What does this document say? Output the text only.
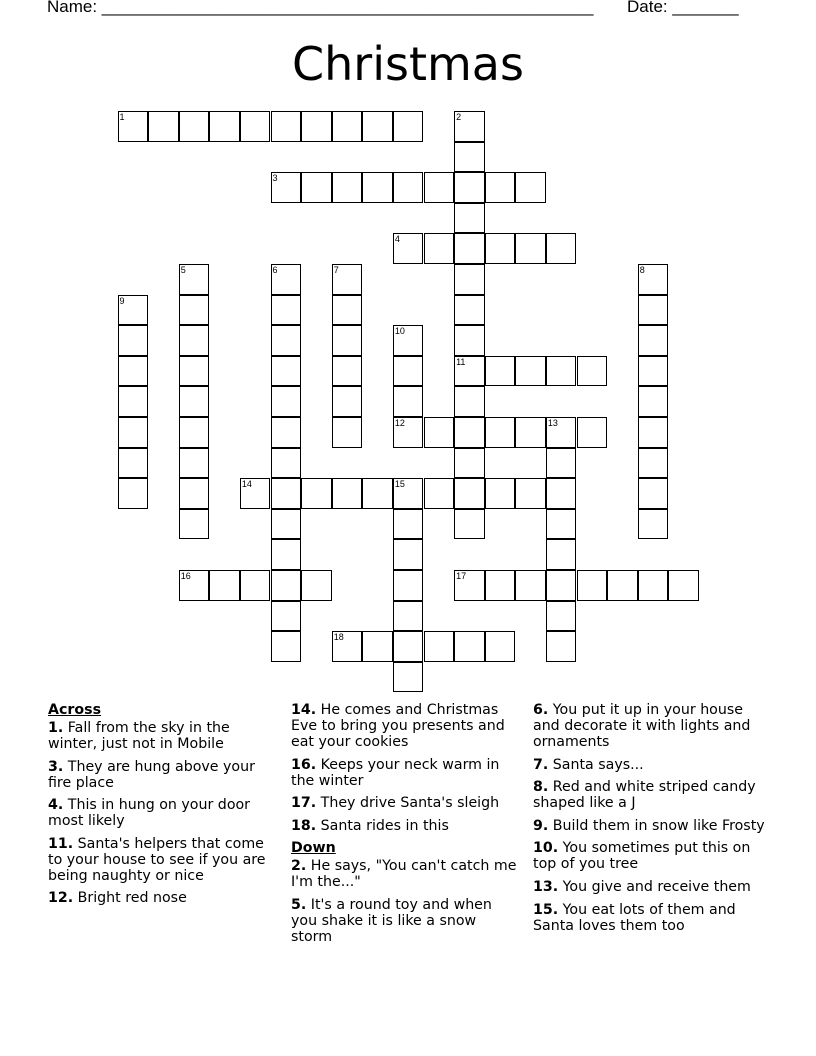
Name: ____________________________________________________ Date: _______
Christmas
1	2
11
3
4
5	6	7	8
9
10
12	13
14	15
16	17
18
Across
1. Fall from the sky in the winter, just not in Mobile
3. They are hung above your fire place
4. This in hung on your door most likely
11. Santa's helpers that come to your house to see if you are being naughty or nice
12. Bright red nose
14. He comes and Christmas Eve to bring you presents and eat your cookies
16. Keeps your neck warm in the winter
17. They drive Santa's sleigh
18. Santa rides in this
Down
2. He says, "You can't catch me I'm the..."
5. It's a round toy and when you shake it is like a snow storm
6. You put it up in your house and decorate it with lights and ornaments
7. Santa says...
8. Red and white striped candy shaped like a J
9. Build them in snow like Frosty
10. You sometimes put this on top of you tree
13. You give and receive them
15. You eat lots of them and Santa loves them too
